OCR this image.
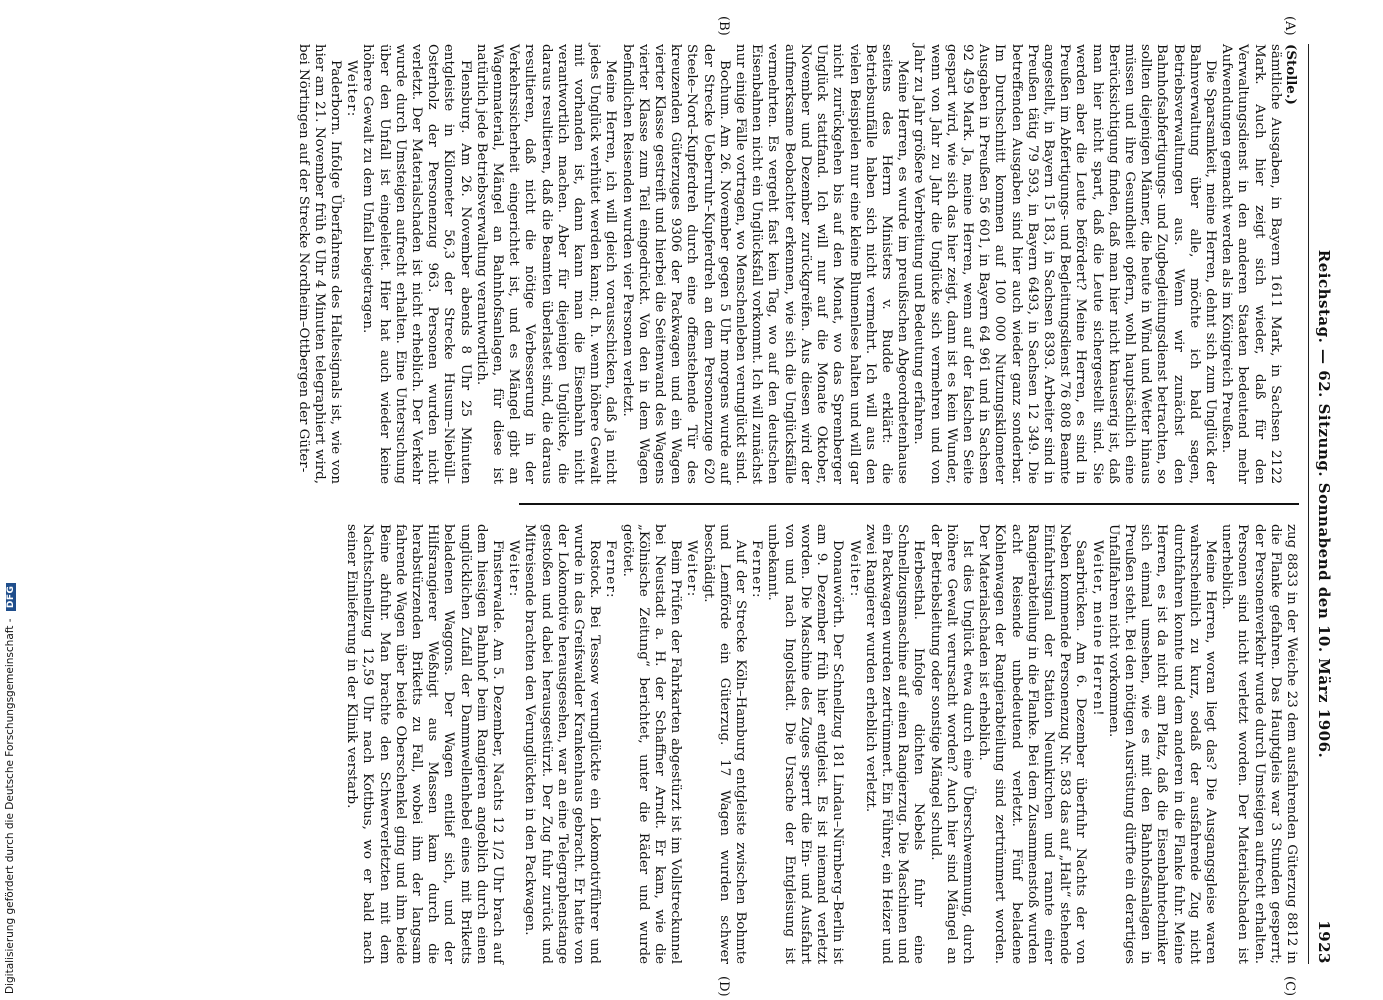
Reichstag. — 62. Sitzung. Sonnabend den 10. März 1906.
1923
(A)
(B)
(C)
(D)

(Stolle.)

sämtliche Ausgaben, in Bayern 1611 Mark, in Sachsen 2122 Mark. Auch hier zeigt sich wieder, daß für den Verwaltungsdienst in den anderen Staaten bedeutend mehr Aufwendungen gemacht werden als im Königreich Preußen.

Die Sparsamkeit, meine Herren, dehnt sich zum Unglück der Bahnverwaltung über alle, möchte ich bald sagen, Betriebsverwaltungen aus. Wenn wir zunächst den Bahnhofsabfertigungs- und Zugbegleitungsdienst betrachten, so sollten diejenigen Männer, die heute in Wind und Wetter hinaus müssen und ihre Gesundheit opfern, wohl hauptsächlich eine Berücksichtigung finden, daß man hier nicht knauserig ist, daß man hier nicht spart, daß die Leute sichergestellt sind. Sie werden aber die Leute befördert? Meine Herren, es sind in Preußen im Abfertigungs- und Begleitungsdienst 76 808 Beamte angestellt, in Bayern 15 183, in Sachsen 8393. Arbeiter sind in Preußen tätig 79 593, in Bayern 6493, in Sachsen 12 349. Die betreffenden Ausgaben sind hier auch wieder ganz sonderbar. Im Durchschnitt kommen auf 100 000 Nutzungskilometer Ausgaben in Preußen 56 601, in Bayern 64 961 und in Sachsen 92 459 Mark. Ja, meine Herren, wenn auf der falschen Seite gespart wird, wie sich das hier zeigt, dann ist es kein Wunder, wenn von Jahr zu Jahr die Unglücke sich vermehren und von Jahr zu Jahr größere Verbreitung und Bedeutung erfahren.

Meine Herren, es wurde im preußischen Abgeordnetenhause seitens des Herrn Ministers v. Budde erklärt: die Betriebsunfälle haben sich nicht vermehrt. Ich will aus den vielen Beispielen nur eine kleine Blumenlese halten und will gar nicht zurückgehen bis auf den Monat, wo das Spremberger Unglück stattfand. Ich will nur auf die Monate Oktober, November und Dezember zurückgreifen. Aus diesen wird der aufmerksame Beobachter erkennen, wie sich die Unglücksfälle vermehrten. Es vergeht fast kein Tag, wo auf den deutschen Eisenbahnen nicht ein Unglücksfall vorkommt. Ich will zunächst nur einige Fälle vortragen, wo Menschenleben verunglückt sind.

Bochum. Am 26. November gegen 5 Uhr morgens wurde auf der Strecke Ueberruhr–Kupferdreh an dem Personenzuge 620 Steele–Nord–Kupferdreh durch eine offenstehende Tür des kreuzenden Güterzuges 9306 der Packwagen und ein Wagen vierter Klasse gestreift und hierbei die Seitenwand des Wagens vierter Klasse zum Teil eingedrückt. Von den in dem Wagen befindlichen Reisenden wurden vier Personen verletzt.

Meine Herren, ich will gleich vorausschicken, daß ja nicht jedes Unglück verhütet werden kann; d. h. wenn höhere Gewalt mit vorhanden ist, dann kann man die Eisenbahn nicht verantwortlich machen. Aber für diejenigen Unglücke, die daraus resultieren, daß die Beamten überlastet sind, die daraus resultieren, daß nicht die nötige Verbesserung in der Verkehrssicherheit eingerichtet ist, und es Mängel gibt an Wagenmaterial, Mängel an Bahnhofsanlagen, für diese ist natürlich jede Betriebsverwaltung verantwortlich.

Flensburg. Am 26. November abends 8 Uhr 25 Minuten entgleiste in Kilometer 56,3 der Strecke Husum–Niebüll–Osterholz der Personenzug 963. Personen wurden nicht verletzt. Der Materialschaden ist nicht erheblich. Der Verkehr wurde durch Umsteigen aufrecht erhalten. Eine Untersuchung über den Unfall ist eingeleitet. Hier hat auch wieder keine höhere Gewalt zu dem Unfall beigetragen.

Weiter:

Paderborn. Infolge Überfahrens des Haltesignals ist, wie von hier am 21. November früh 6 Uhr 4 Minuten telegraphiert wird, bei Nörtingen auf der Strecke Nordheim–Ottbergen der Güter-

zug 8833 in der Weiche 23 dem ausfahrenden Güterzug 8812 in die Flanke gefahren. Das Hauptgleis war 3 Stunden gesperrt; der Personenverkehr wurde durch Umsteigen aufrecht erhalten. Personen sind nicht verletzt worden. Der Materialschaden ist unerheblich.

Meine Herren, woran liegt das? Die Ausgangsgleise waren wahrscheinlich zu kurz, sodaß der ausfahrende Zug nicht durchfahren konnte und dem anderen in die Flanke fuhr. Meine Herren, es ist da nicht am Platz, daß die Eisenbahntechniker sich einmal umsehen, wie es mit den Bahnhofsanlagen in Preußen steht. Bei den nötigen Ausrüstung dürfte ein derartiges Unfallfahren nicht vorkommen.

Weiter, meine Herren!

Saarbrücken. Am 6. Dezember überfuhr Nachts der von Neben kommende Personenzug Nr. 583 das auf „Halt“ stehende Einfahrtsignal der Station Neunkirchen und rannte einer Rangierabteilung in die Flanke. Bei dem Zusammenstoß wurden acht Reisende unbedeutend verletzt. Fünf beladene Kohlenwagen der Rangierabteilung sind zertrümmert worden. Der Materialschaden ist erheblich.

Ist dies Unglück etwa durch eine Überschwemmung, durch höhere Gewalt verursacht worden? Auch hier sind Mängel an der Betriebsleitung oder sonstige Mängel schuld.

Herbesthal. Infolge dichten Nebels fuhr eine Schnellzugsmaschine auf einen Rangierzug. Die Maschinen und ein Packwagen wurden zertrümmert. Ein Führer, ein Heizer und zwei Rangierer wurden erheblich verletzt.

Weiter:

Donauwörth. Der Schnellzug 181 Lindau–Nürnberg–Berlin ist am 9. Dezember früh hier entgleist. Es ist niemand verletzt worden. Die Maschine des Zuges sperrt die Ein- und Ausfahrt von und nach Ingolstadt. Die Ursache der Entgleisung ist unbekannt.

Ferner:

Auf der Strecke Köln–Hamburg entgleiste zwischen Bohmte und Lemförde ein Güterzug. 17 Wagen wurden schwer beschädigt.

Weiter:

Beim Prüfen der Fahrkarten abgestürzt ist im Vollstreckunnel bei Neustadt a. H. der Schaffner Arndt. Er kam, wie die „Kölnische Zeitung“ berichtet, unter die Räder und wurde getötet.

Ferner:

Rostock. Bei Tessow verunglückte ein Lokomotivführer und wurde in das Greifswalder Krankenhaus gebracht. Er hatte von der Lokomotive herausgesehen, war an eine Telegraphenstange gestoßen und dabei herausgestürzt. Der Zug fuhr zurück und Mitreisende brachten den Verunglückten in den Packwagen.

Weiter:

Finsterwalde. Am 5. Dezember, Nachts 12 1/2 Uhr brach auf dem hiesigen Bahnhof beim Rangieren angeblich durch einen unglücklichen Zufall der Dammwellenhebel eines mit Briketts beladenen Waggons. Der Wagen entlief sich, und der Hilfsrangierer Weßnigt aus Massen kam durch die herabstürzenden Briketts zu Fall, wobei ihm der langsam fahrende Wagen über beide Oberschenkel ging und ihm beide Beine abfuhr. Man brachte den Schwerverletzten mit dem Nachtschnellzug 12,59 Uhr nach Kottbus, wo er bald nach seiner Einlieferung in der Klinik verstarb.

Digitalisierung gefördert durch die Deutsche Forschungsgemeinschaft - DFG
